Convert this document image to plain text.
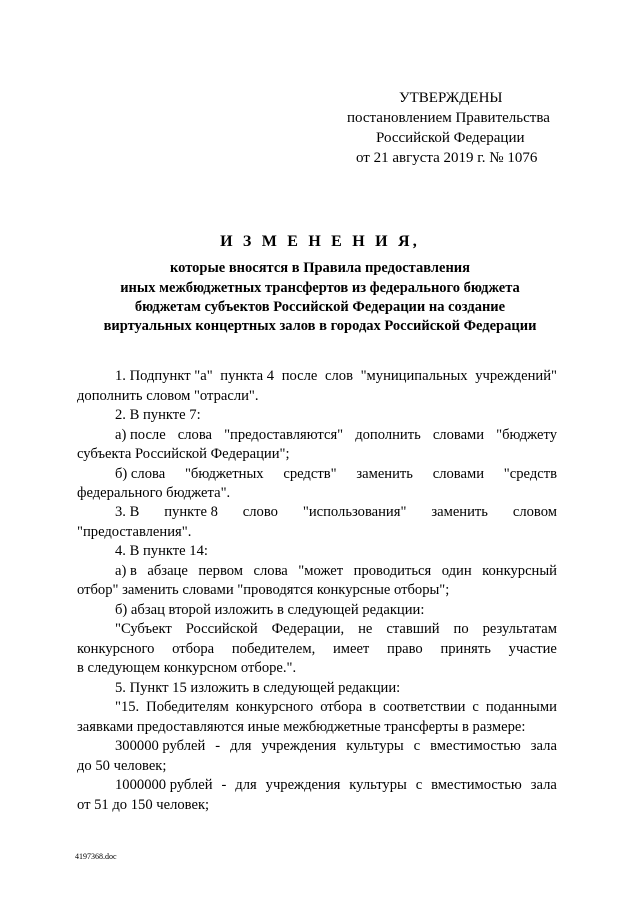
УТВЕРЖДЕНЫ
постановлением Правительства
Российской Федерации
от 21 августа 2019 г. № 1076
И З М Е Н Е Н И Я,
которые вносятся в Правила предоставления
иных межбюджетных трансфертов из федерального бюджета
бюджетам субъектов Российской Федерации на создание
виртуальных концертных залов в городах Российской Федерации
1. Подпункт "а" пункта 4 после слов "муниципальных учреждений"
дополнить словом "отрасли".
2. В пункте 7:
а) после слова "предоставляются" дополнить словами "бюджету
субъекта Российской Федерации";
б) слова "бюджетных средств" заменить словами "средств
федерального бюджета".
3. В пункте 8 слово "использования" заменить словом
"предоставления".
4. В пункте 14:
а) в абзаце первом слова "может проводиться один конкурсный
отбор" заменить словами "проводятся конкурсные отборы";
б) абзац второй изложить в следующей редакции:
"Субъект Российской Федерации, не ставший по результатам
конкурсного отбора победителем, имеет право принять участие
в следующем конкурсном отборе.".
5. Пункт 15 изложить в следующей редакции:
"15. Победителям конкурсного отбора в соответствии с поданными
заявками предоставляются иные межбюджетные трансферты в размере:
300000 рублей - для учреждения культуры с вместимостью зала
до 50 человек;
1000000 рублей - для учреждения культуры с вместимостью зала
от 51 до 150 человек;
4197368.doc
